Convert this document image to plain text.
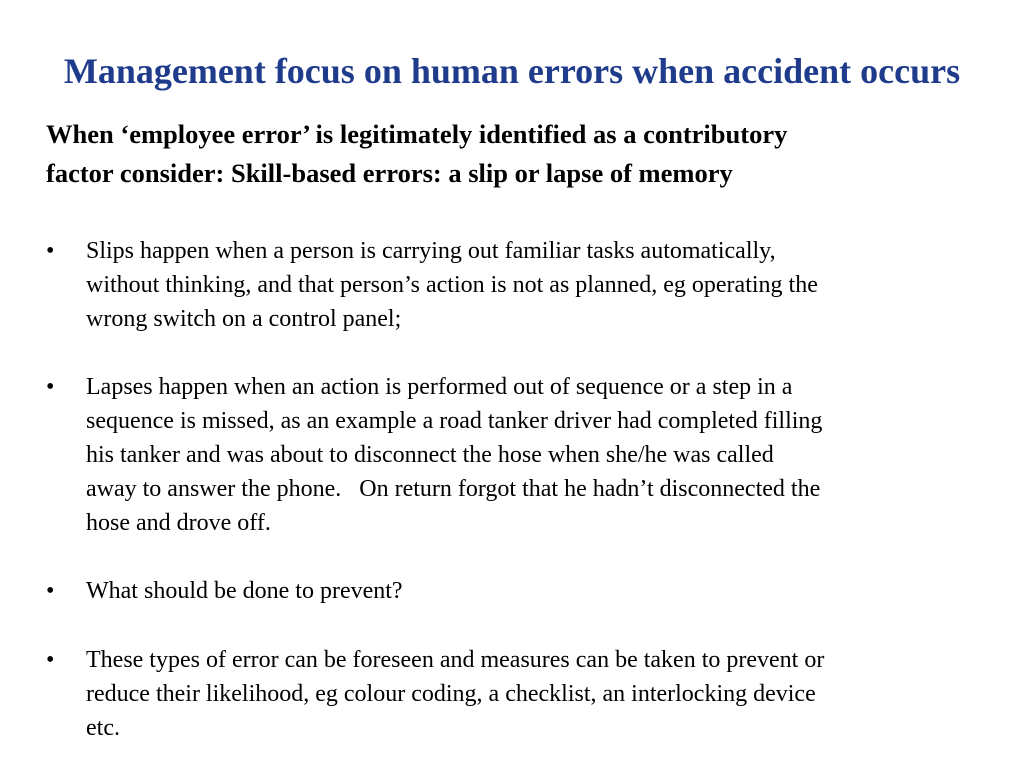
Management focus on human errors when accident occurs

When ‘employee error’ is legitimately identified as a contributory
factor consider: Skill-based errors: a slip or lapse of memory

•	Slips happen when a person is carrying out familiar tasks automatically,
without thinking, and that person’s action is not as planned, eg operating the
wrong switch on a control panel;
•	Lapses happen when an action is performed out of sequence or a step in a
sequence is missed, as an example a road tanker driver had completed filling
his tanker and was about to disconnect the hose when she/he was called
away to answer the phone.   On return forgot that he hadn’t disconnected the
hose and drove off.
•	What should be done to prevent?
•	These types of error can be foreseen and measures can be taken to prevent or
reduce their likelihood, eg colour coding, a checklist, an interlocking device
etc.
